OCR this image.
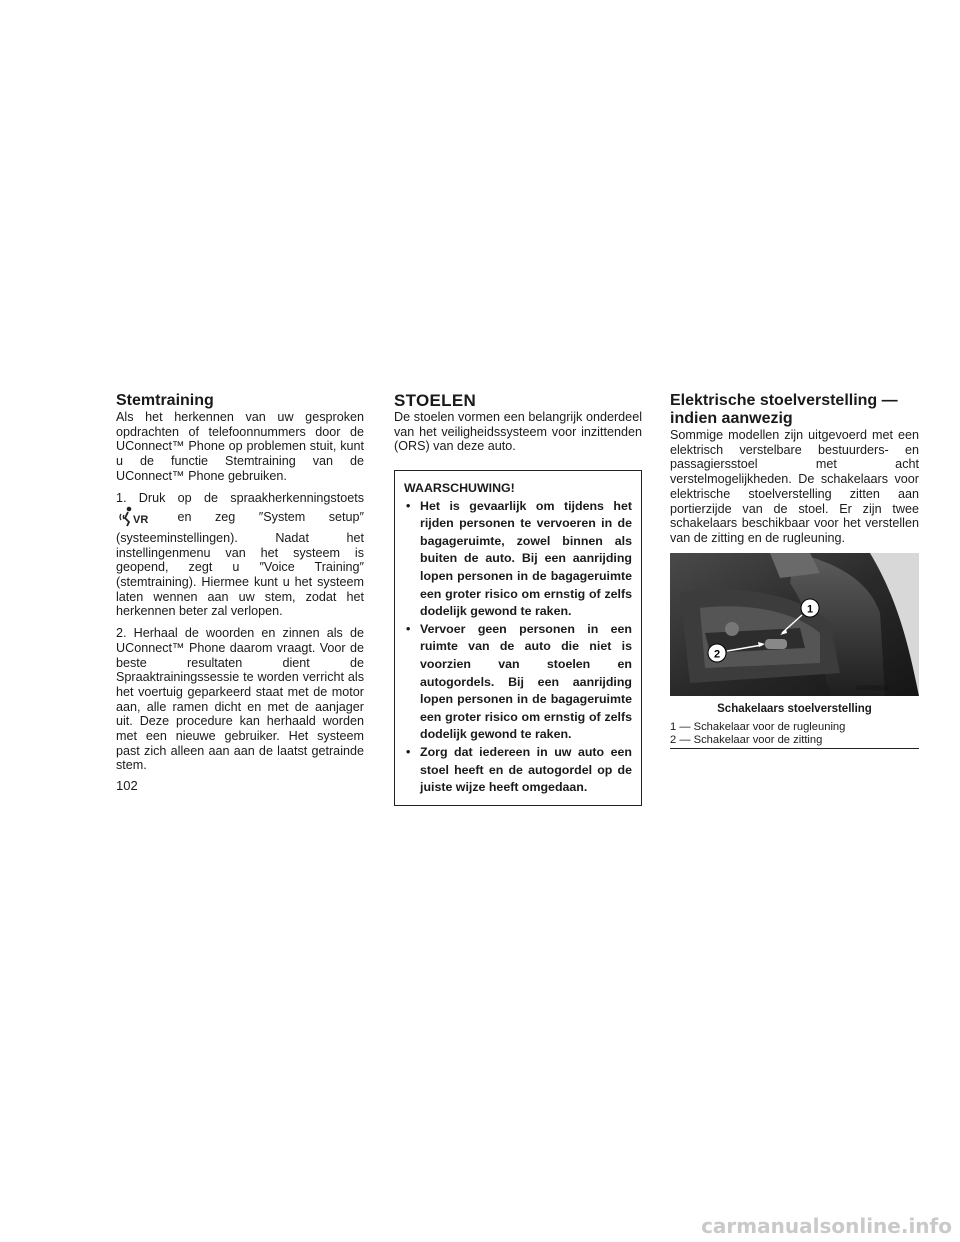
Stemtraining

Als het herkennen van uw gesproken opdrachten of telefoonnummers door de UConnect™ Phone op problemen stuit, kunt u de functie Stemtraining van de UConnect™ Phone gebruiken.

1. Druk op de spraakherkenningstoets
VR en zeg ″System setup″ (systeeminstellingen). Nadat het instellingenmenu van het systeem is geopend, zegt u ″Voice Training″ (stemtraining). Hiermee kunt u het systeem laten wennen aan uw stem, zodat het herkennen beter zal verlopen.

2. Herhaal de woorden en zinnen als de UConnect™ Phone daarom vraagt. Voor de beste resultaten dient de Spraaktrainingssessie te worden verricht als het voertuig geparkeerd staat met de motor aan, alle ramen dicht en met de aanjager uit. Deze procedure kan herhaald worden met een nieuwe gebruiker. Het systeem past zich alleen aan aan de laatst getrainde stem.

STOELEN

De stoelen vormen een belangrijk onderdeel van het veiligheidssysteem voor inzittenden (ORS) van deze auto.

WAARSCHUWING!
• Het is gevaarlijk om tijdens het rijden personen te vervoeren in de bagageruimte, zowel binnen als buiten de auto. Bij een aanrijding lopen personen in de bagageruimte een groter risico om ernstig of zelfs dodelijk gewond te raken.
• Vervoer geen personen in een ruimte van de auto die niet is voorzien van stoelen en autogordels. Bij een aanrijding lopen personen in de bagageruimte een groter risico om ernstig of zelfs dodelijk gewond te raken.
• Zorg dat iedereen in uw auto een stoel heeft en de autogordel op de juiste wijze heeft omgedaan.
Elektrische stoelverstelling —
indien aanwezig

Sommige modellen zijn uitgevoerd met een elektrisch verstelbare bestuurders- en passagiersstoel met acht verstelmogelijkheden. De schakelaars voor elektrische stoelverstelling zitten aan portierzijde van de stoel. Er zijn twee schakelaars beschikbaar voor het verstellen van de zitting en de rugleuning.

1
2
030909538
Schakelaars stoelverstelling
1 — Schakelaar voor de rugleuning
2 — Schakelaar voor de zitting
102
carmanualsonline.info
